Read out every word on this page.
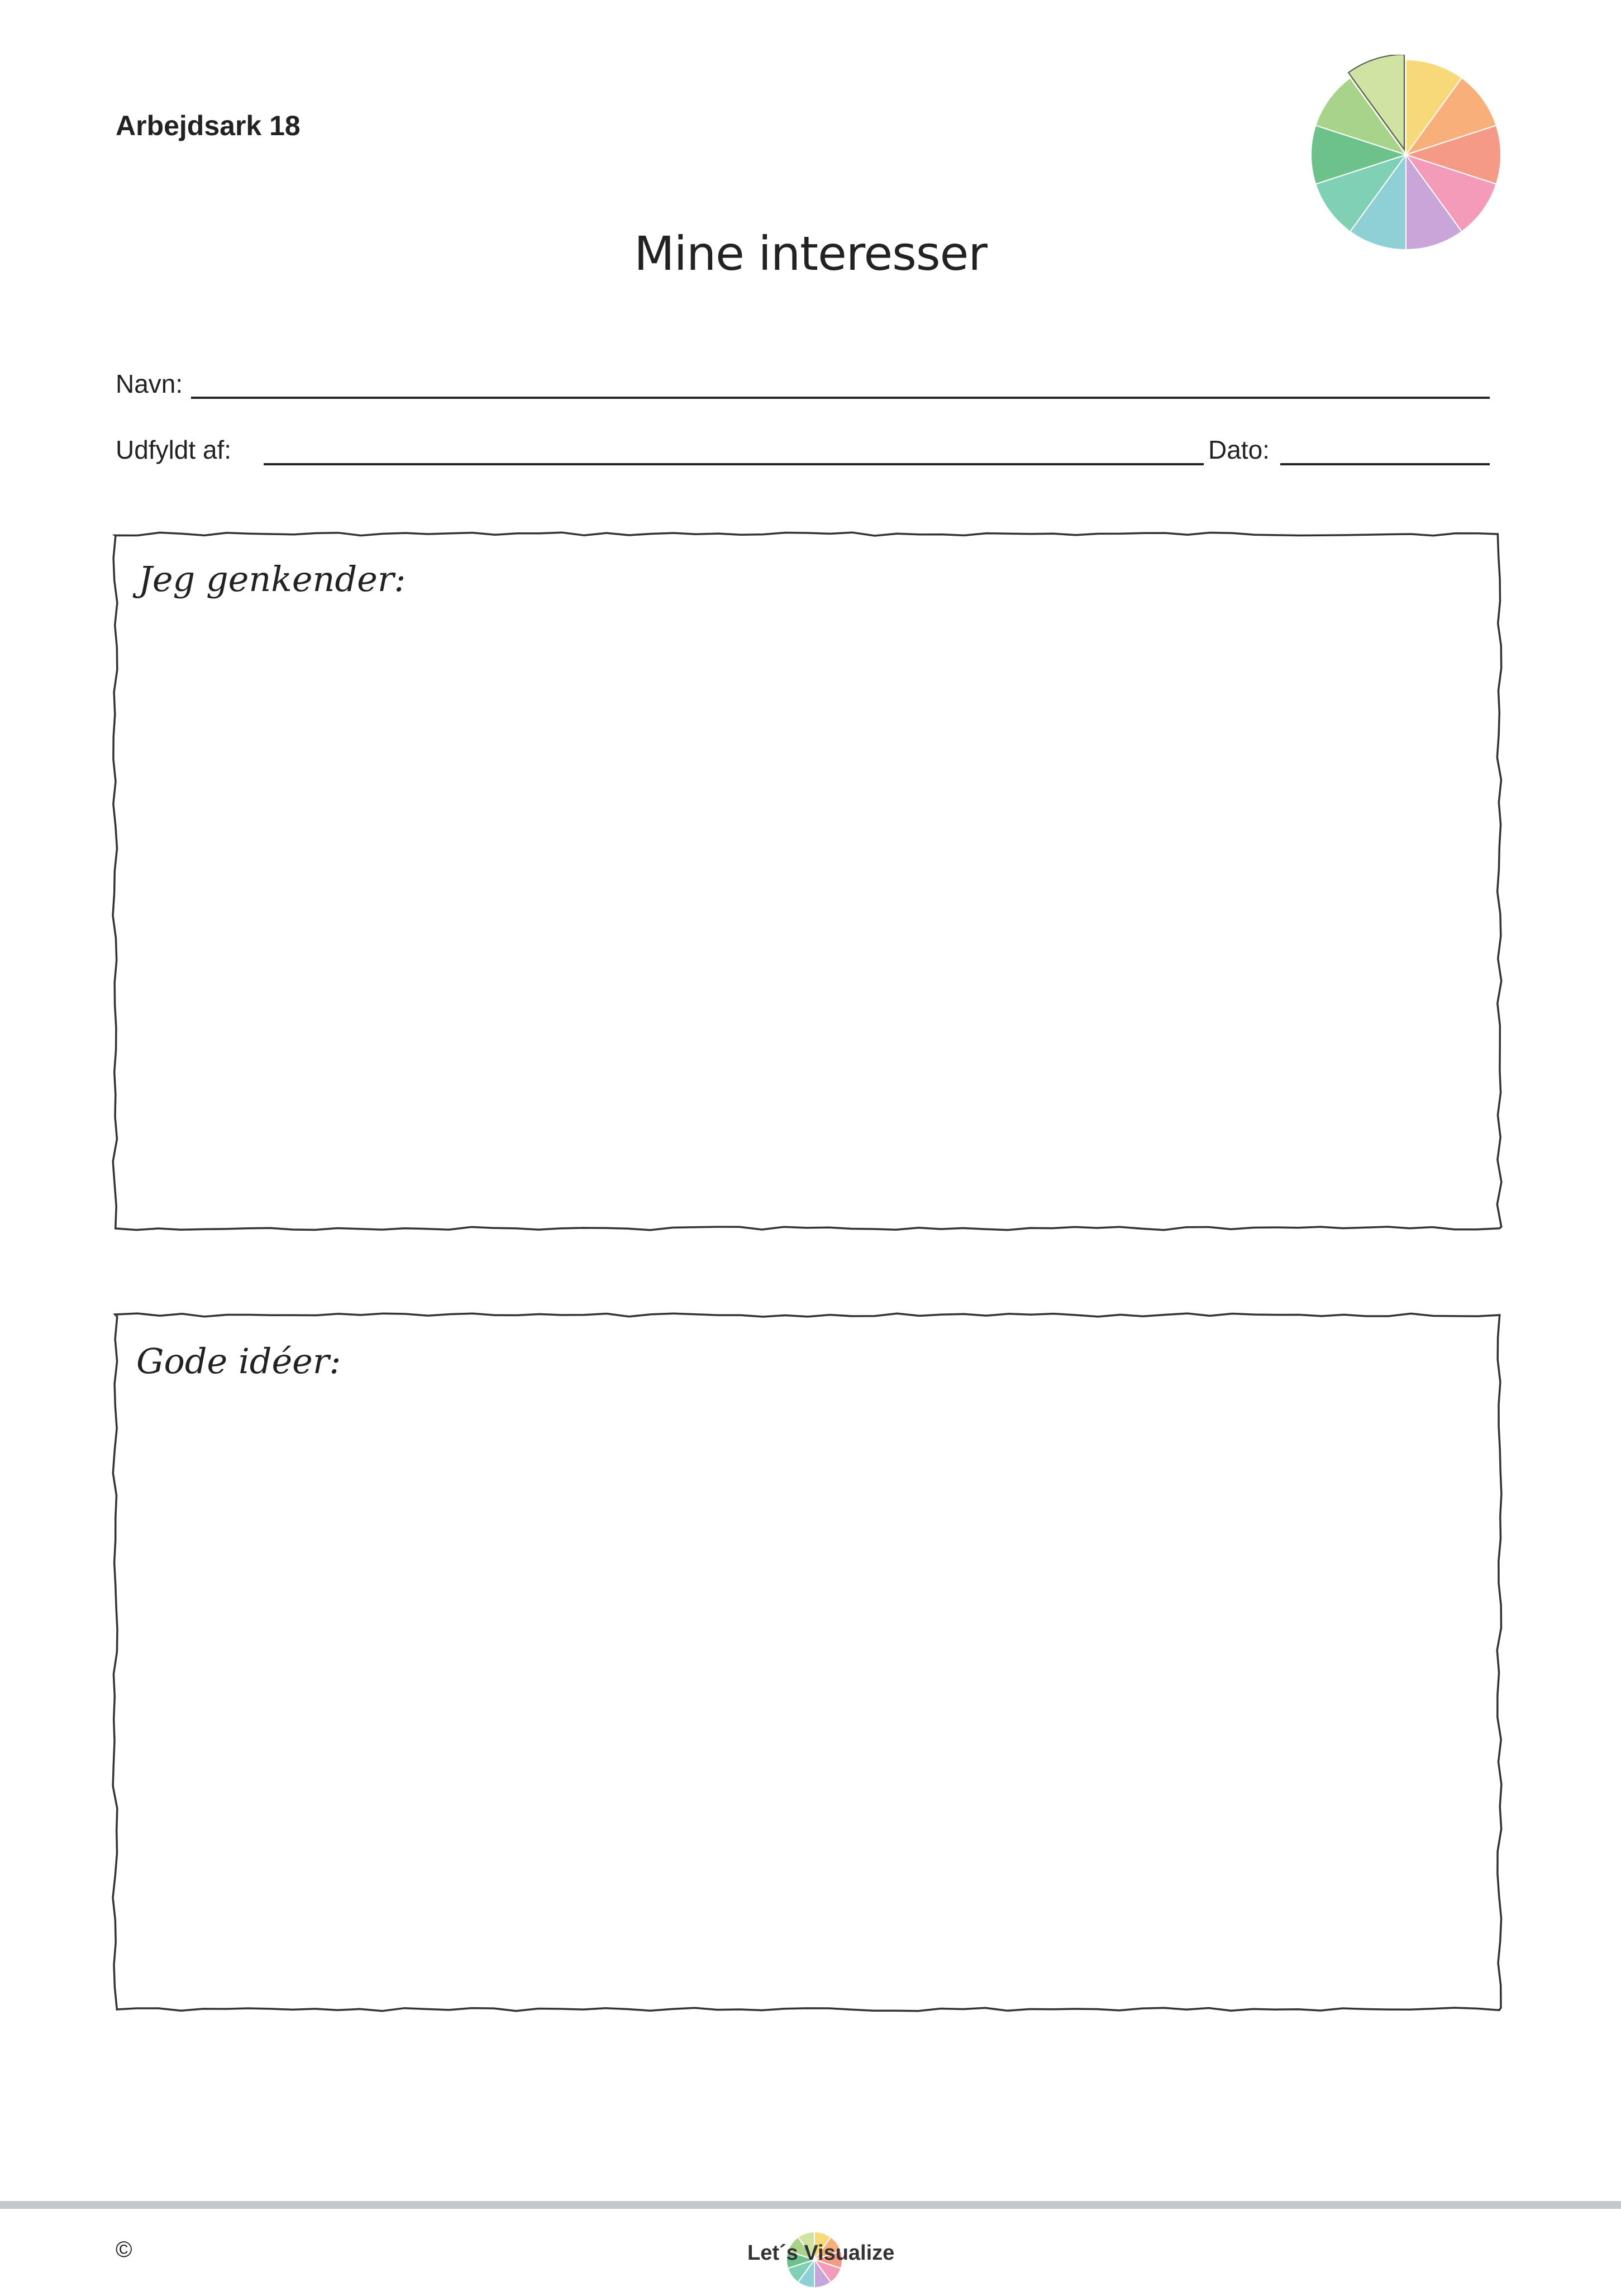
Arbejdsark 18
Mine interesser
Navn:
Udfyldt af:	Dato:
Jeg genkender:
Gode idéer:
©	Let´s Visualize
